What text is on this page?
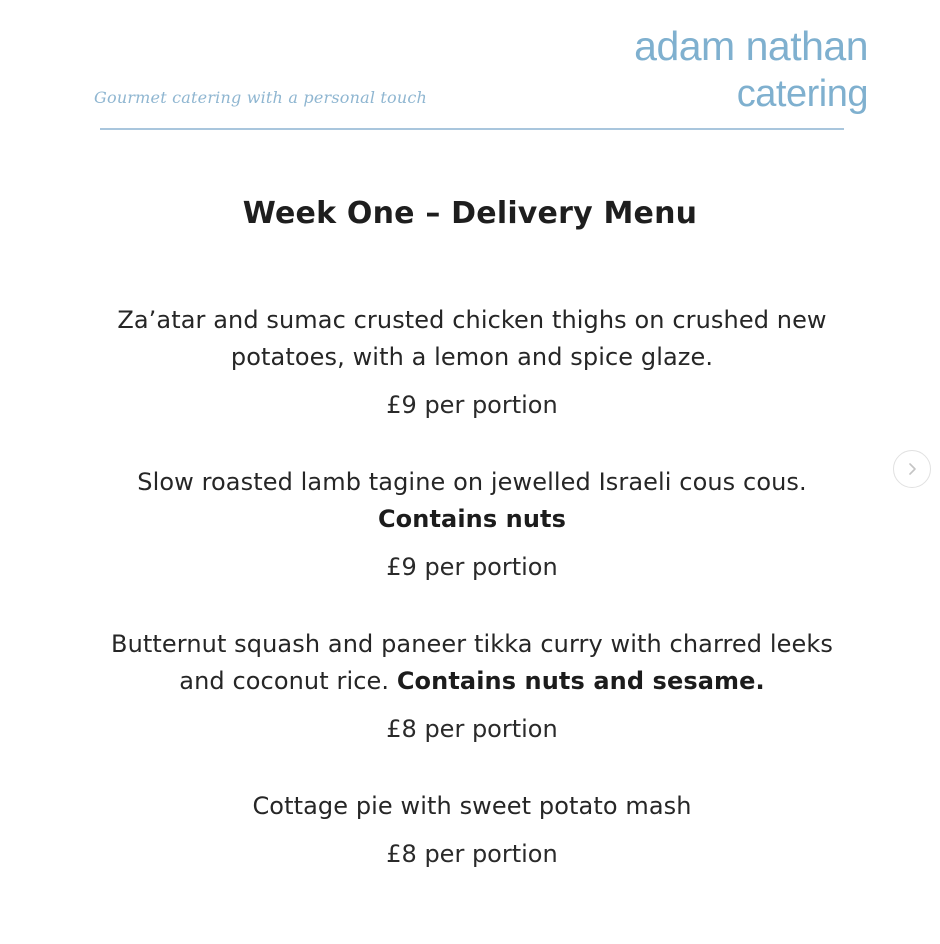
Gourmet catering with a personal touch
adam nathan
catering
Week One – Delivery Menu
Za’atar and sumac crusted chicken thighs on crushed new potatoes, with a lemon and spice glaze.
£9 per portion
Slow roasted lamb tagine on jewelled Israeli cous cous.
Contains nuts
£9 per portion
Butternut squash and paneer tikka curry with charred leeks and coconut rice. Contains nuts and sesame.
£8 per portion
Cottage pie with sweet potato mash
£8 per portion
